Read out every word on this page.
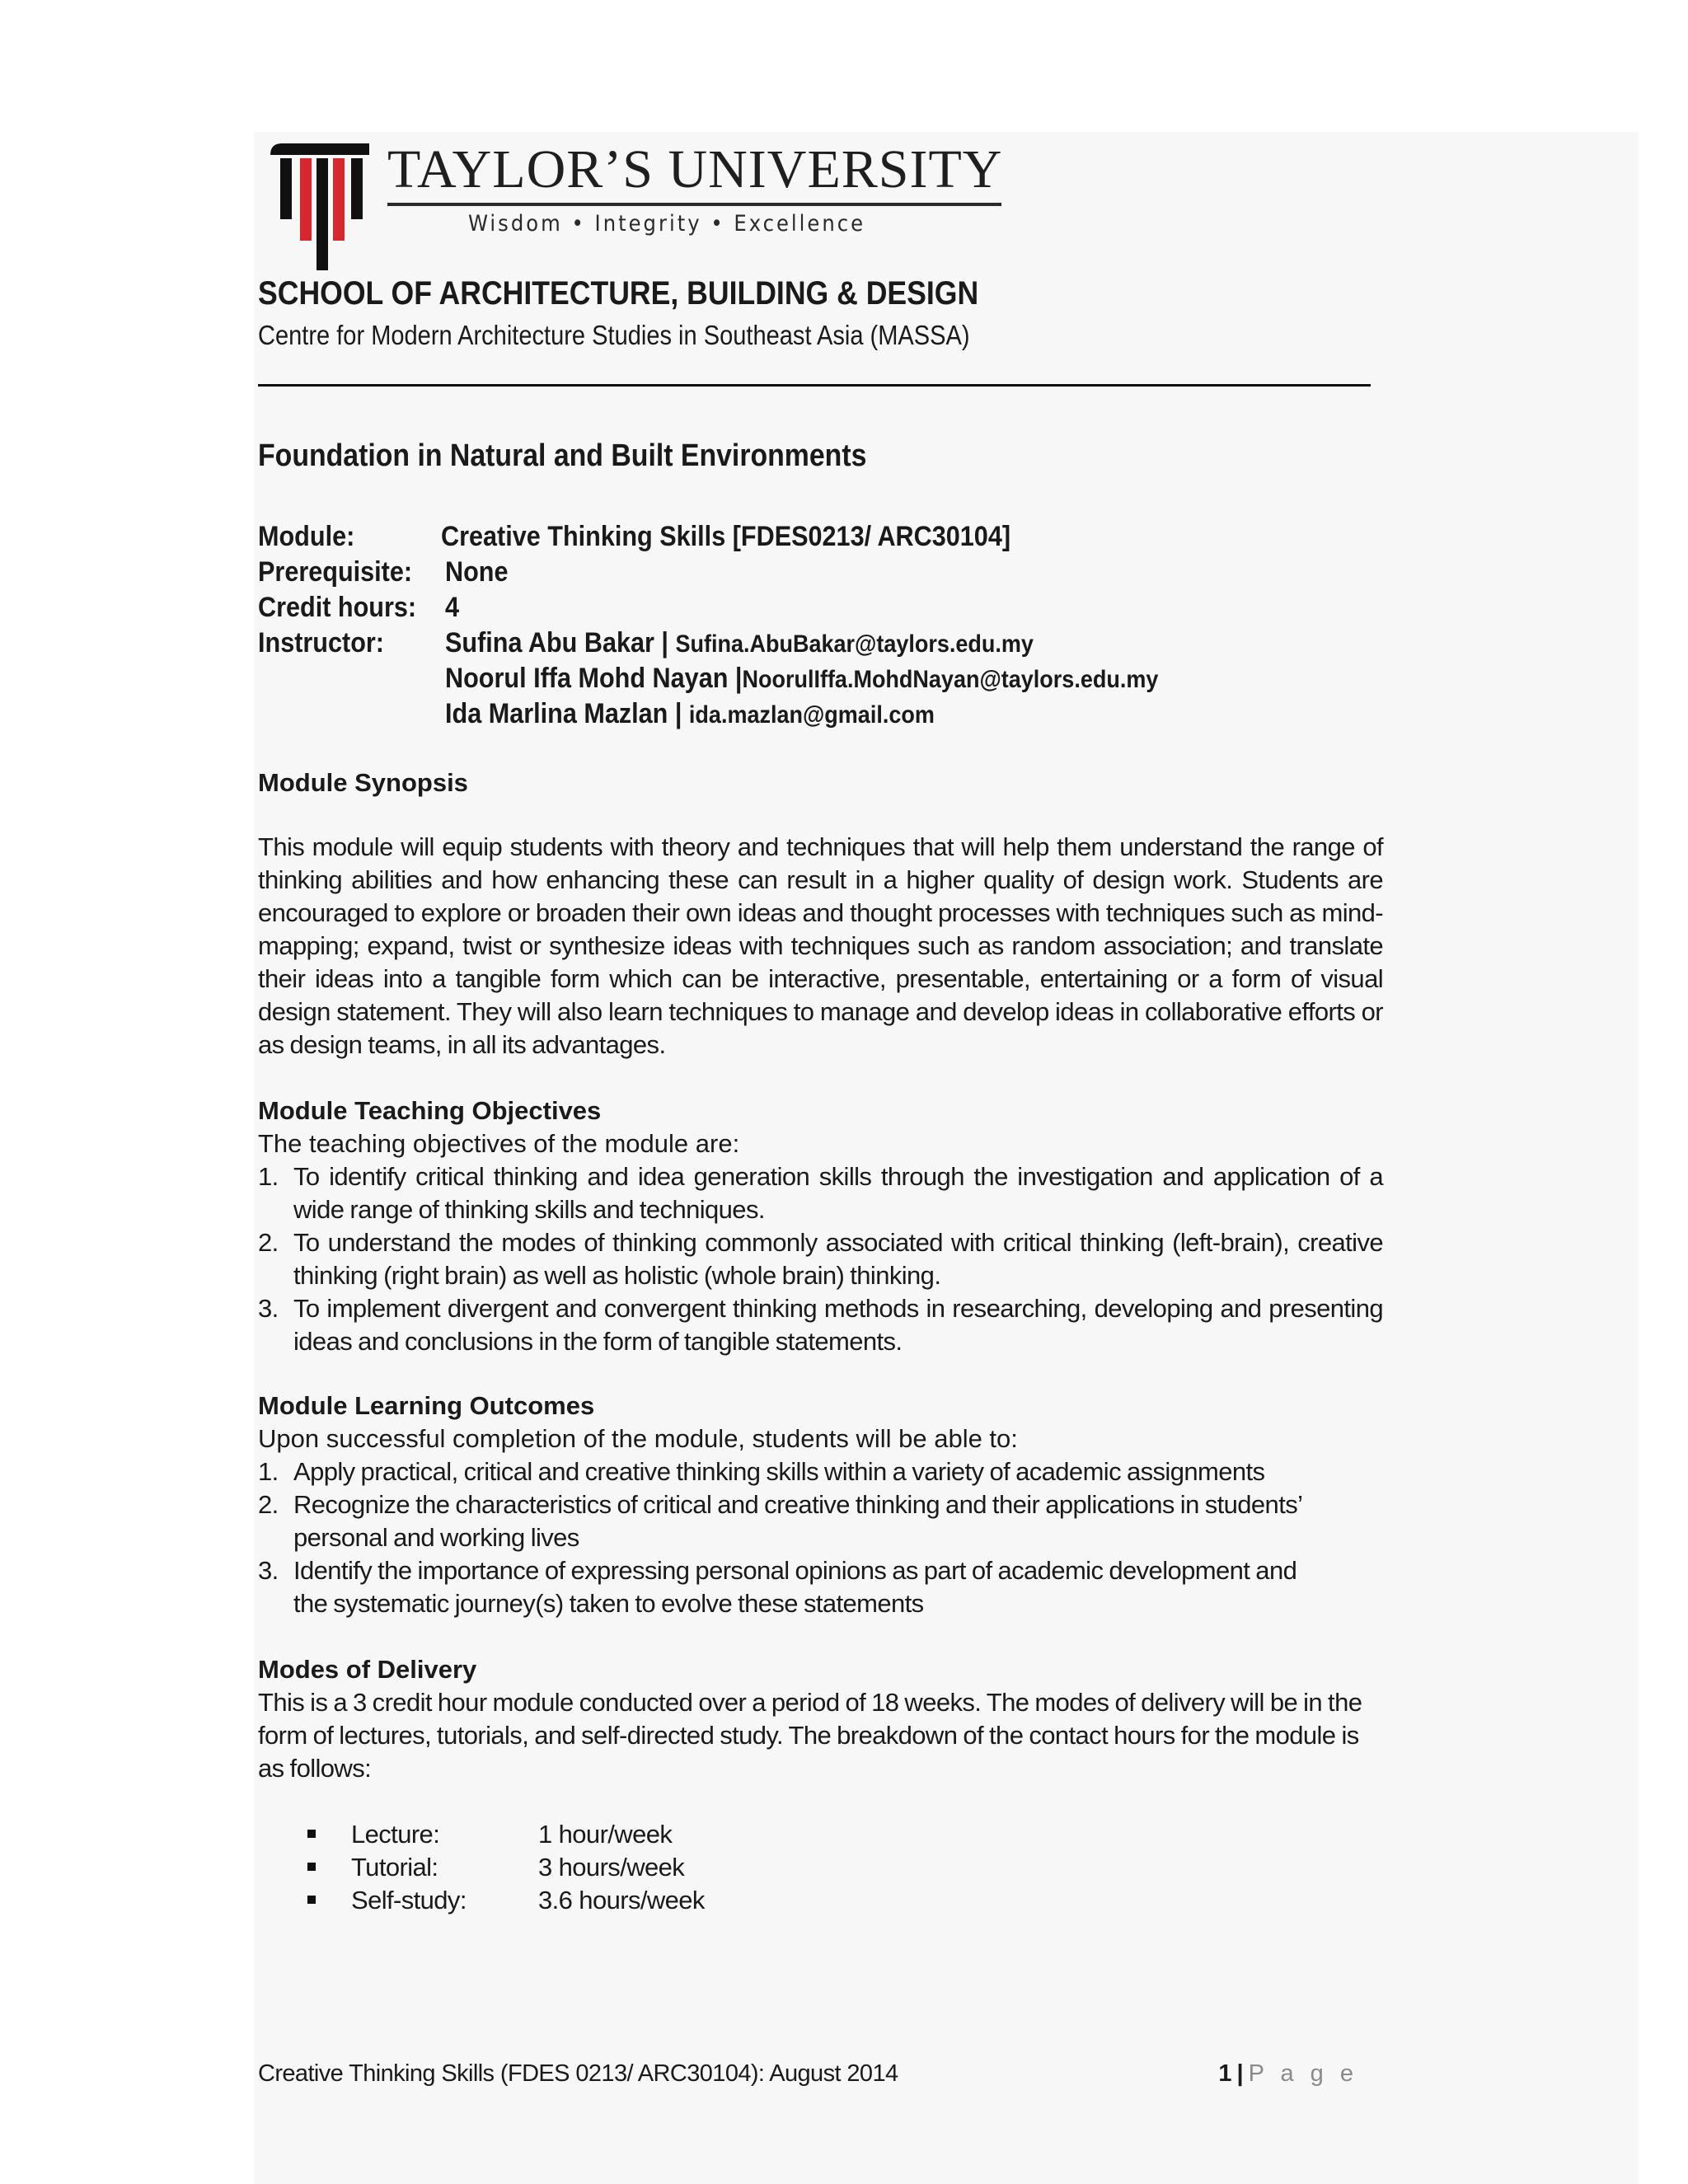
TAYLOR’S UNIVERSITY
Wisdom • Integrity • Excellence
SCHOOL OF ARCHITECTURE, BUILDING & DESIGN
Centre for Modern Architecture Studies in Southeast Asia (MASSA)
Foundation in Natural and Built Environments
Module:	Creative Thinking Skills [FDES0213/ ARC30104]
Prerequisite: None
Credit hours: 4
Instructor: Sufina Abu Bakar | Sufina.AbuBakar@taylors.edu.my
Noorul Iffa Mohd Nayan |NoorulIffa.MohdNayan@taylors.edu.my
Ida Marlina Mazlan | ida.mazlan@gmail.com
Module Synopsis
This module will equip students with theory and techniques that will help them understand the range of thinking abilities and how enhancing these can result in a higher quality of design work. Students are encouraged to explore or broaden their own ideas and thought processes with techniques such as mind-mapping; expand, twist or synthesize ideas with techniques such as random association; and translate their ideas into a tangible form which can be interactive, presentable, entertaining or a form of visual design statement. They will also learn techniques to manage and develop ideas in collaborative efforts or as design teams, in all its advantages.
Module Teaching Objectives
The teaching objectives of the module are:
1. To identify critical thinking and idea generation skills through the investigation and application of a wide range of thinking skills and techniques.
2. To understand the modes of thinking commonly associated with critical thinking (left-brain), creative thinking (right brain) as well as holistic (whole brain) thinking.
3. To implement divergent and convergent thinking methods in researching, developing and presenting ideas and conclusions in the form of tangible statements.
Module Learning Outcomes
Upon successful completion of the module, students will be able to:
1. Apply practical, critical and creative thinking skills within a variety of academic assignments
2. Recognize the characteristics of critical and creative thinking and their applications in students’ personal and working lives
3. Identify the importance of expressing personal opinions as part of academic development and the systematic journey(s) taken to evolve these statements
Modes of Delivery
This is a 3 credit hour module conducted over a period of 18 weeks. The modes of delivery will be in the form of lectures, tutorials, and self-directed study. The breakdown of the contact hours for the module is as follows:
Lecture:	1 hour/week
Tutorial:	3 hours/week
Self-study:	3.6 hours/week
Creative Thinking Skills (FDES 0213/ ARC30104): August 2014	1 | P a g e
